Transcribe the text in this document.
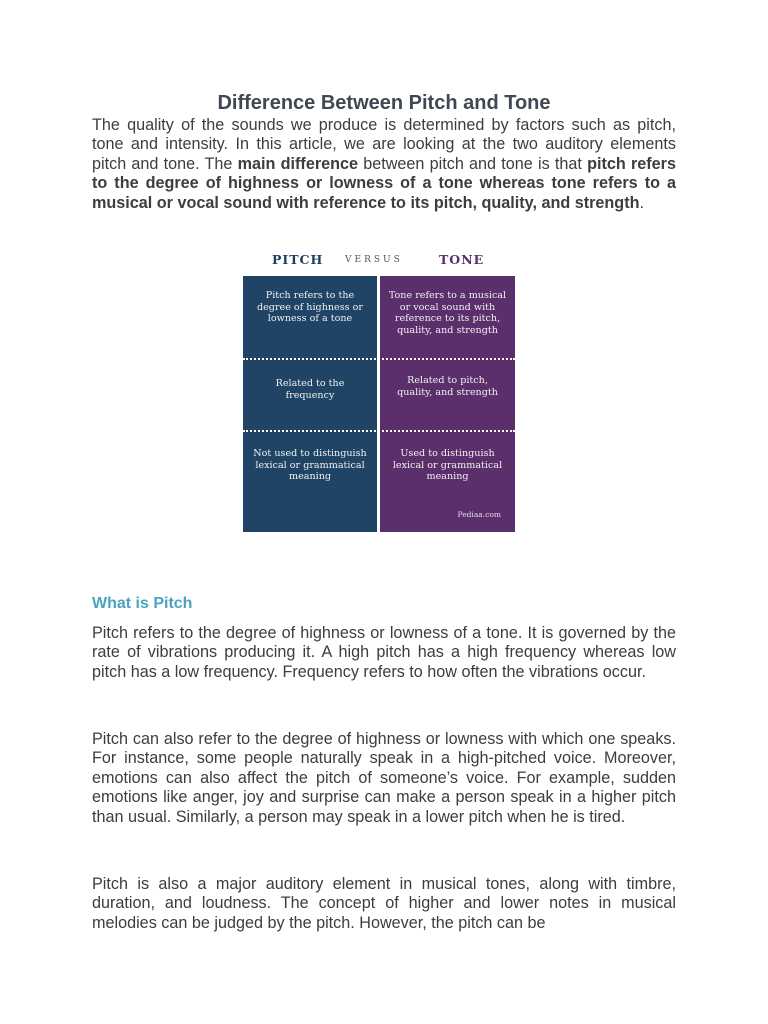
Difference Between Pitch and Tone

The quality of the sounds we produce is determined by factors such as pitch, tone and intensity. In this article, we are looking at the two auditory elements pitch and tone. The main difference between pitch and tone is that pitch refers to the degree of highness or lowness of a tone whereas tone refers to a musical or vocal sound with reference to its pitch, quality, and strength.

PITCH VERSUS	TONE
Pitch refers to the degree of highness or lowness of a tone
Related to the frequency
Not used to distinguish lexical or grammatical meaning
Tone refers to a musical or vocal sound with reference to its pitch, quality, and strength
Related to pitch, quality, and strength
Used to distinguish lexical or grammatical meaning
Pediaa.com
What is Pitch

Pitch refers to the degree of highness or lowness of a tone. It is governed by the rate of vibrations producing it. A high pitch has a high frequency whereas low pitch has a low frequency. Frequency refers to how often the vibrations occur.

Pitch can also refer to the degree of highness or lowness with which one speaks. For instance, some people naturally speak in a high-pitched voice. Moreover, emotions can also affect the pitch of someone’s voice. For example, sudden emotions like anger, joy and surprise can make a person speak in a higher pitch than usual. Similarly, a person may speak in a lower pitch when he is tired.

Pitch is also a major auditory element in musical tones, along with timbre, duration, and loudness. The concept of higher and lower notes in musical melodies can be judged by the pitch. However, the pitch can be
